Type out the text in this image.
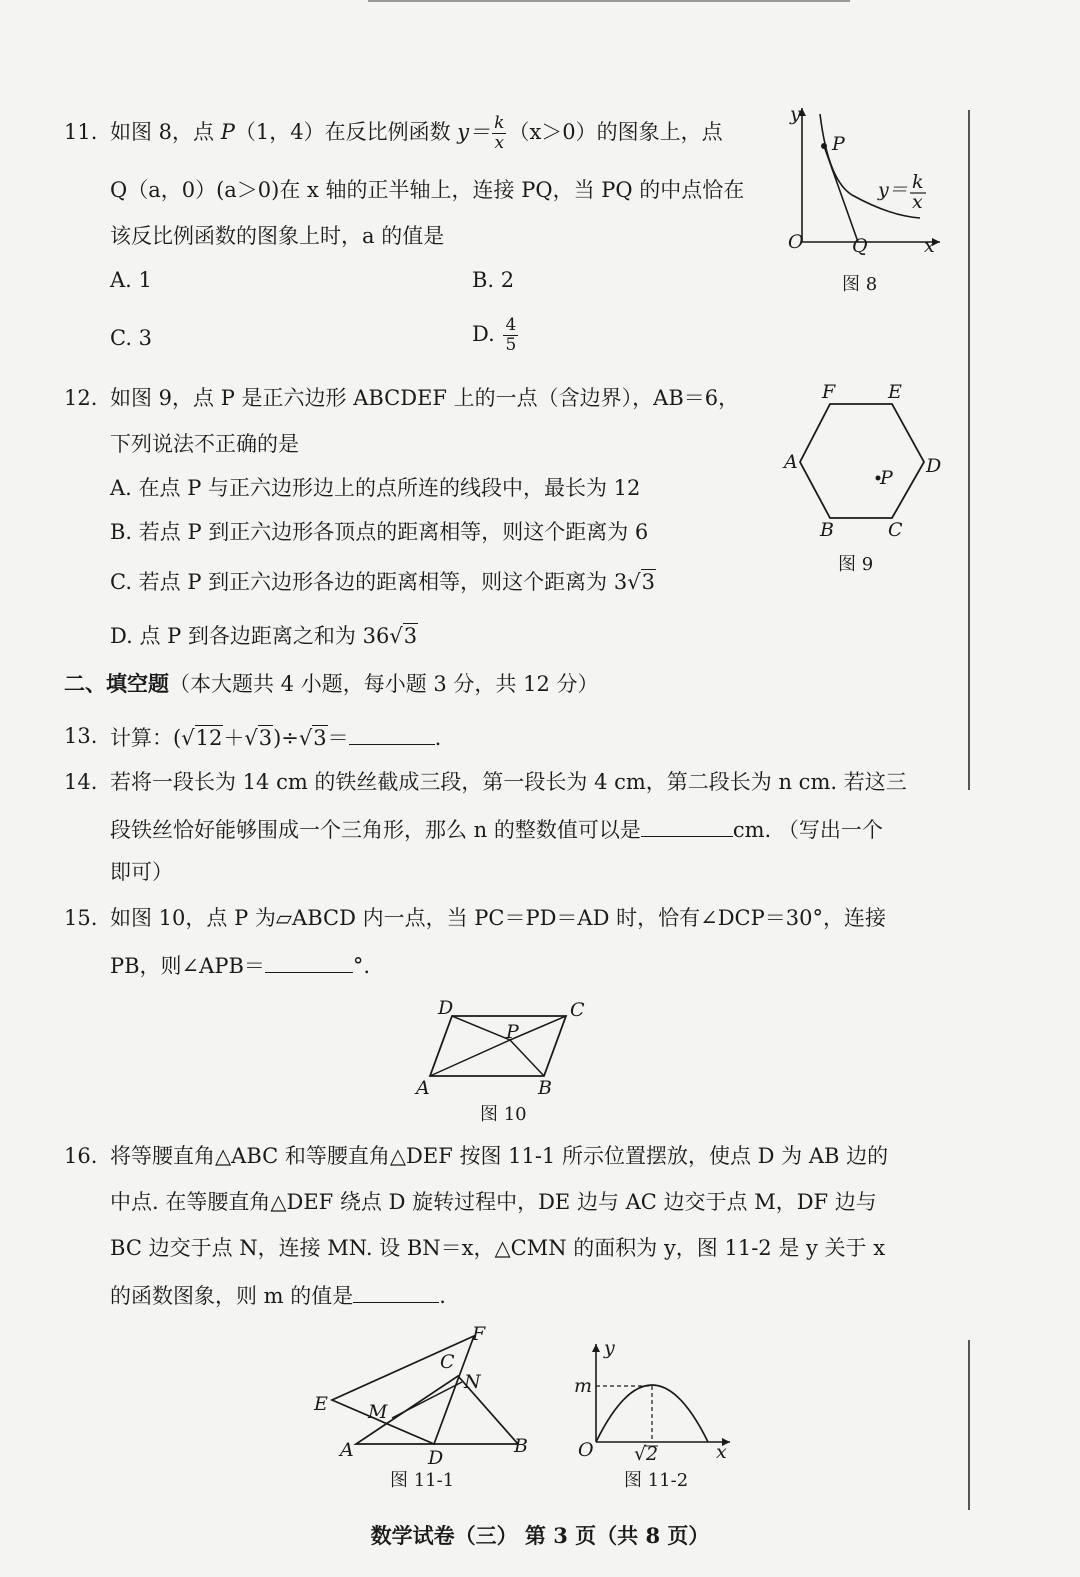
11. 如图 8，点 P（1，4）在反比例函数 $y= \frac{k}{x} (x>0)$的图象上，点
Q（a，0）(a＞0)在 x 轴的正半轴上，连接 PQ，当 PQ 的中点恰在
该反比例函数的图象上时，a 的值是
A. 1	B. 2
C. 3	D. $\frac{4}{5}$
y
P
O	Q	x
y＝ k
x
图 8
12. 如图 9，点 P 是正六边形 ABCDEF 上的一点（含边界），AB＝6，
下列说法不正确的是
A. 在点 P 与正六边形边上的点所连的线段中，最长为 12
B. 若点 P 到正六边形各顶点的距离相等，则这个距离为 6
C. 若点 P 到正六边形各边的距离相等，则这个距离为 3√3
D. 点 P 到各边距离之和为 36√3
F	E
A	D
B	C
P
图 9
二、填空题（本大题共 4 小题，每小题 3 分，共 12 分）
13. 计算：(√12＋√3)÷√3＝	.
14. 若将一段长为 14 cm 的铁丝截成三段，第一段长为 4 cm，第二段长为 n cm. 若这三
段铁丝恰好能够围成一个三角形，那么 n 的整数值可以是	cm. （写出一个
即可）
15. 如图 10，点 P 为▱ABCD 内一点，当 PC＝PD＝AD 时，恰有∠DCP＝30°，连接
PB，则∠APB＝	°.
D	C
P
A	B
图 10
16. 将等腰直角△ABC 和等腰直角△DEF 按图 11-1 所示位置摆放，使点 D 为 AB 边的
中点. 在等腰直角△DEF 绕点 D 旋转过程中，DE 边与 AC 边交于点 M，DF 边与
BC 边交于点 N，连接 MN. 设 BN＝x，△CMN 的面积为 y，图 11-2 是 y 关于 x
的函数图象，则 m 的值是	.
F
C
N
E M
A	D
B
图 11-1
y
m
O √ 2	x
图 11-2
数学试卷（三） 第 3 页（共 8 页）
